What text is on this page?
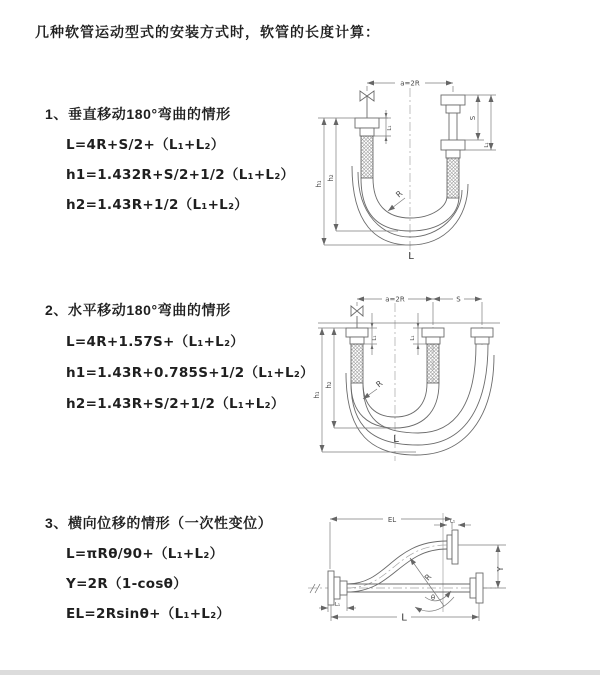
几种软管运动型式的安装方式时，软管的长度计算：
1、垂直移动180°弯曲的情形
L=4R+S/2+（L₁+L₂）
h1=1.432R+S/2+1/2（L₁+L₂）
h2=1.43R+1/2（L₁+L₂）
2、水平移动180°弯曲的情形
L=4R+1.57S+（L₁+L₂）
h1=1.43R+0.785S+1/2（L₁+L₂）
h2=1.43R+S/2+1/2（L₁+L₂）
3、横向位移的情形（一次性变位）
L=πRθ/90+（L₁+L₂）
Y=2R（1-cosθ）
EL=2Rsinθ+（L₁+L₂）
a=2R
L₁
h₁
h₂
S
L₁
R
L
a=2R	S
L₁	L₁
h₁
h₂	R
L
EL	L₁
Y
R
θ
L
L₁
